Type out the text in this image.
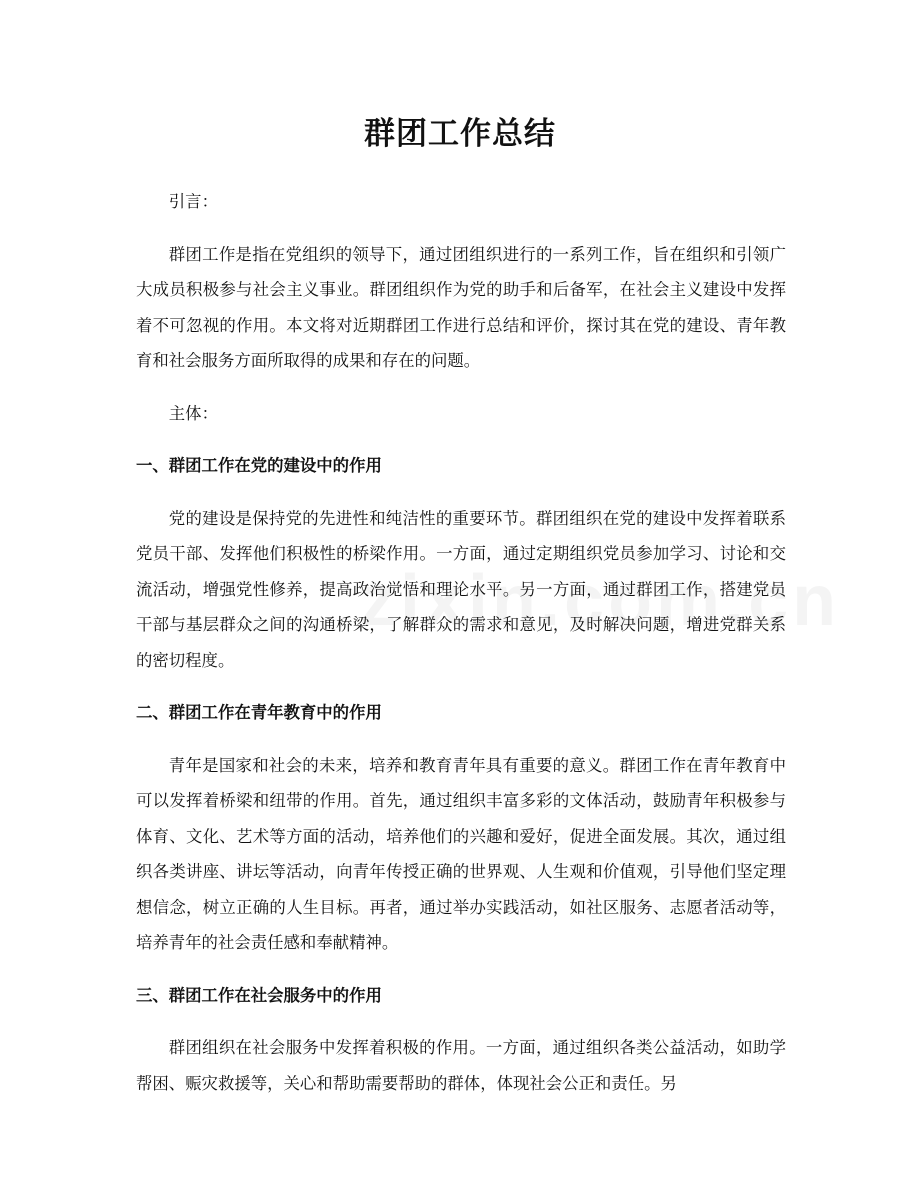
群团工作总结

引言：

群团工作是指在党组织的领导下，通过团组织进行的一系列工作，旨在组织和引领广大成员积极参与社会主义事业。群团组织作为党的助手和后备军，在社会主义建设中发挥着不可忽视的作用。本文将对近期群团工作进行总结和评价，探讨其在党的建设、青年教育和社会服务方面所取得的成果和存在的问题。

主体：

一、群团工作在党的建设中的作用

党的建设是保持党的先进性和纯洁性的重要环节。群团组织在党的建设中发挥着联系党员干部、发挥他们积极性的桥梁作用。一方面，通过定期组织党员参加学习、讨论和交流活动，增强党性修养，提高政治觉悟和理论水平。另一方面，通过群团工作，搭建党员干部与基层群众之间的沟通桥梁，了解群众的需求和意见，及时解决问题，增进党群关系的密切程度。

二、群团工作在青年教育中的作用

青年是国家和社会的未来，培养和教育青年具有重要的意义。群团工作在青年教育中可以发挥着桥梁和纽带的作用。首先，通过组织丰富多彩的文体活动，鼓励青年积极参与体育、文化、艺术等方面的活动，培养他们的兴趣和爱好，促进全面发展。其次，通过组织各类讲座、讲坛等活动，向青年传授正确的世界观、人生观和价值观，引导他们坚定理想信念，树立正确的人生目标。再者，通过举办实践活动，如社区服务、志愿者活动等，培养青年的社会责任感和奉献精神。

三、群团工作在社会服务中的作用

群团组织在社会服务中发挥着积极的作用。一方面，通过组织各类公益活动，如助学帮困、赈灾救援等，关心和帮助需要帮助的群体，体现社会公正和责任。另
